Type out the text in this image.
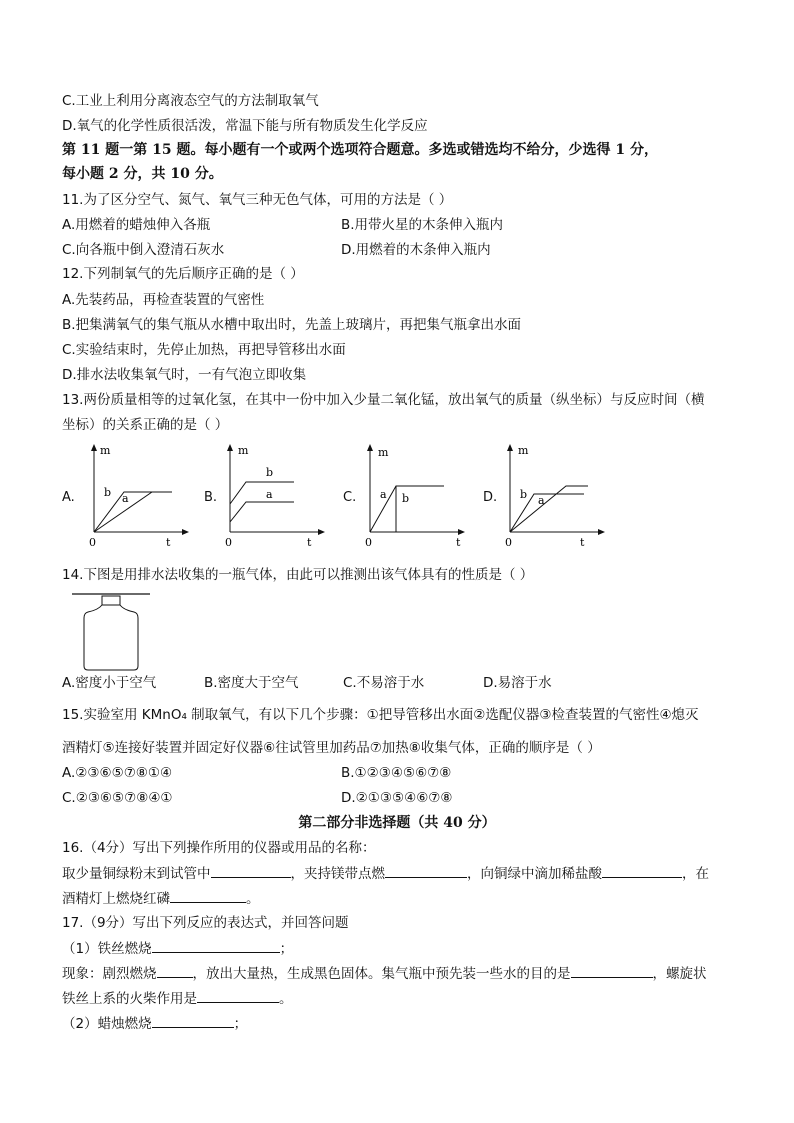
C.工业上利用分离液态空气的方法制取氧气
D.氧气的化学性质很活泼，常温下能与所有物质发生化学反应
第 11 题一第 15 题。每小题有一个或两个选项符合题意。多选或错选均不给分，少选得 1 分，
每小题 2 分，共 10 分。
11.为了区分空气、氮气、氧气三种无色气体，可用的方法是（ ）
A.用燃着的蜡烛伸入各瓶	B.用带火星的木条伸入瓶内
C.向各瓶中倒入澄清石灰水	D.用燃着的木条伸入瓶内
12.下列制氧气的先后顺序正确的是（ ）
A.先装药品，再检查装置的气密性
B.把集满氧气的集气瓶从水槽中取出时，先盖上玻璃片，再把集气瓶拿出水面
C.实验结束时，先停止加热，再把导管移出水面
D.排水法收集氧气时，一有气泡立即收集
13.两份质量相等的过氧化氢，在其中一份中加入少量二氧化锰，放出氧气的质量（纵坐标）与反应时间（横
坐标）的关系正确的是（ ）
A.	B.	C.	D.
m
t
0
b a
m
t
0
b
a
m
t
0
a b
m
t
0
b a
14.下图是用排水法收集的一瓶气体，由此可以推测出该气体具有的性质是（ ）
A.密度小于空气	B.密度大于空气	C.不易溶于水	D.易溶于水
15.实验室用 KMnO₄ 制取氧气，有以下几个步骤：①把导管移出水面②选配仪器③检查装置的气密性④熄灭
酒精灯⑤连接好装置并固定好仪器⑥往试管里加药品⑦加热⑧收集气体，正确的顺序是（ ）
A.②③⑥⑤⑦⑧①④	B.①②③④⑤⑥⑦⑧
C.②③⑥⑤⑦⑧④①	D.②①③⑤④⑥⑦⑧
第二部分非选择题（共 40 分）
16.（4分）写出下列操作所用的仪器或用品的名称：
取少量铜绿粉末到试管中	，夹持镁带点燃	，向铜绿中滴加稀盐酸	，在
酒精灯上燃烧红磷	。
17.（9分）写出下列反应的表达式，并回答问题
（1）铁丝燃烧	；
现象：剧烈燃烧	，放出大量热，生成黑色固体。集气瓶中预先装一些水的目的是	，螺旋状
铁丝上系的火柴作用是	。
（2）蜡烛燃烧	；
